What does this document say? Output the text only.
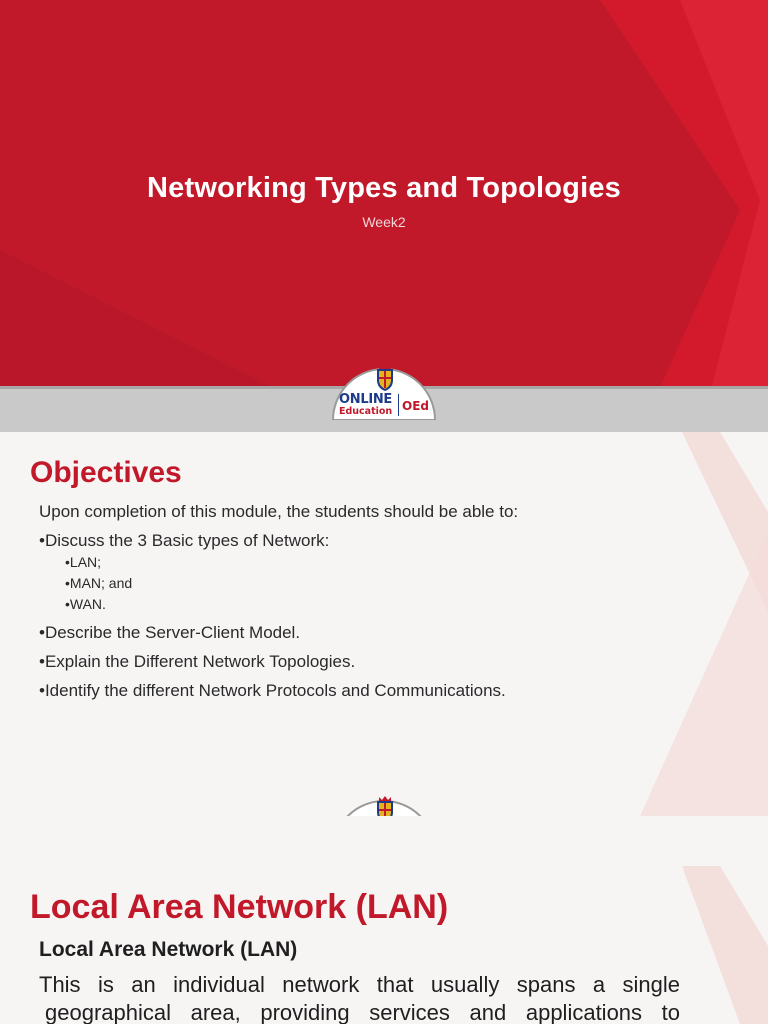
Networking Types and Topologies
Week2
ONLINE
Education OEd
Objectives
Upon completion of this module, the students should be able to:
•Discuss the 3 Basic types of Network:
•LAN;
•MAN; and
•WAN.
•Describe the Server-Client Model.
•Explain the Different Network Topologies.
•Identify the different Network Protocols and Communications.
Local Area Network (LAN)
Local Area Network (LAN)
This is an individual network that usually spans a single
geographical area, providing services and applications to
